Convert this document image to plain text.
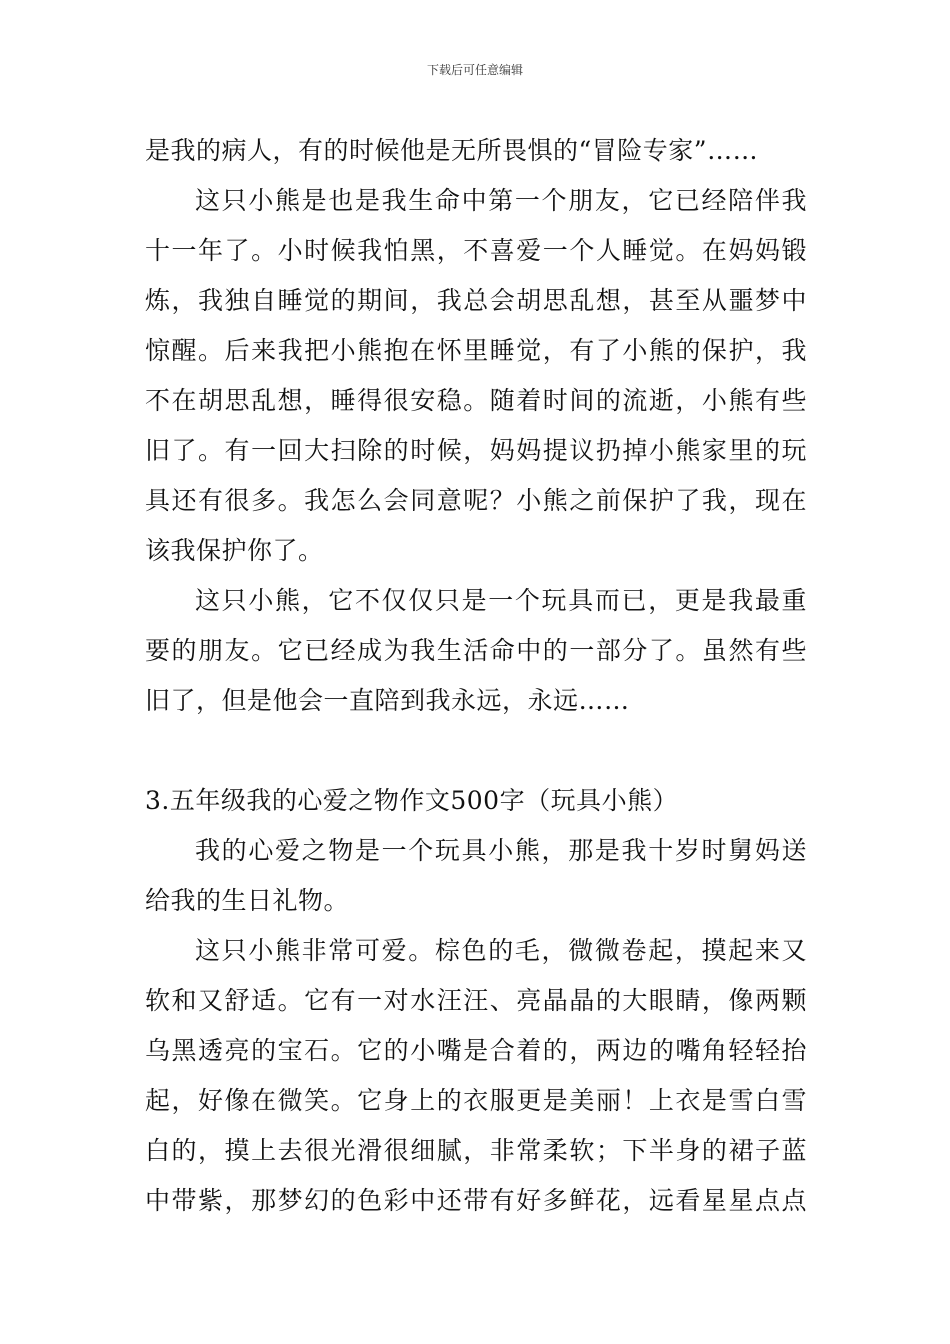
下载后可任意编辑
是我的病人，有的时候他是无所畏惧的“冒险专家”……
这只小熊是也是我生命中第一个朋友，它已经陪伴我
十一年了。小时候我怕黑，不喜爱一个人睡觉。在妈妈锻
炼，我独自睡觉的期间，我总会胡思乱想，甚至从噩梦中
惊醒。后来我把小熊抱在怀里睡觉，有了小熊的保护，我
不在胡思乱想，睡得很安稳。随着时间的流逝，小熊有些
旧了。有一回大扫除的时候，妈妈提议扔掉小熊家里的玩
具还有很多。我怎么会同意呢？小熊之前保护了我，现在
该我保护你了。
这只小熊，它不仅仅只是一个玩具而已，更是我最重
要的朋友。它已经成为我生活命中的一部分了。虽然有些
旧了，但是他会一直陪到我永远，永远……
3.五年级我的心爱之物作文500字（玩具小熊）
我的心爱之物是一个玩具小熊，那是我十岁时舅妈送
给我的生日礼物。
这只小熊非常可爱。棕色的毛，微微卷起，摸起来又
软和又舒适。它有一对水汪汪、亮晶晶的大眼睛，像两颗
乌黑透亮的宝石。它的小嘴是合着的，两边的嘴角轻轻抬
起，好像在微笑。它身上的衣服更是美丽！上衣是雪白雪
白的，摸上去很光滑很细腻，非常柔软；下半身的裙子蓝
中带紫，那梦幻的色彩中还带有好多鲜花，远看星星点点
